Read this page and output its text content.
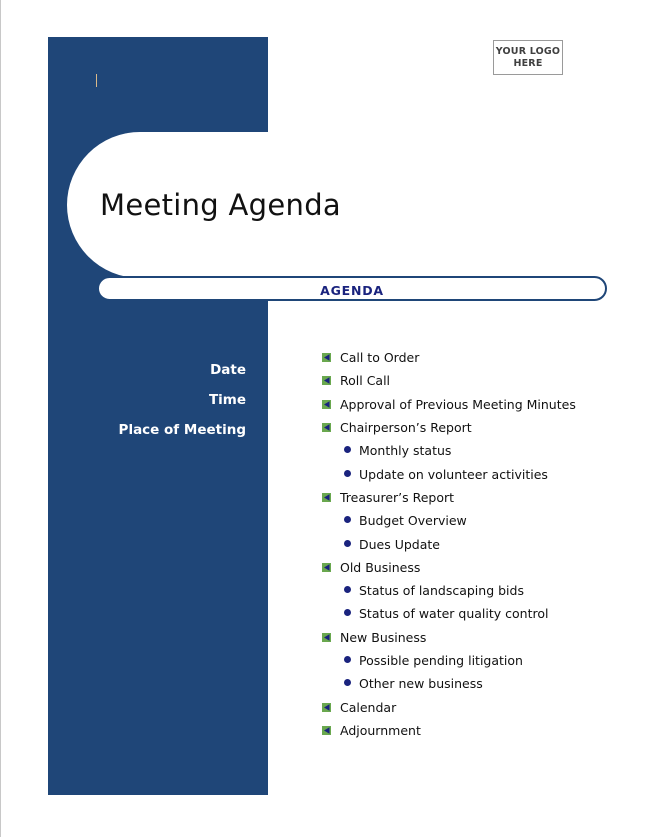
YOUR LOGO
HERE
Meeting Agenda
AGENDA
Date
Time
Place of Meeting
Call to Order
Roll Call
Approval of Previous Meeting Minutes
Chairperson’s Report
Monthly status
Update on volunteer activities
Treasurer’s Report
Budget Overview
Dues Update
Old Business
Status of landscaping bids
Status of water quality control
New Business
Possible pending litigation
Other new business
Calendar
Adjournment
